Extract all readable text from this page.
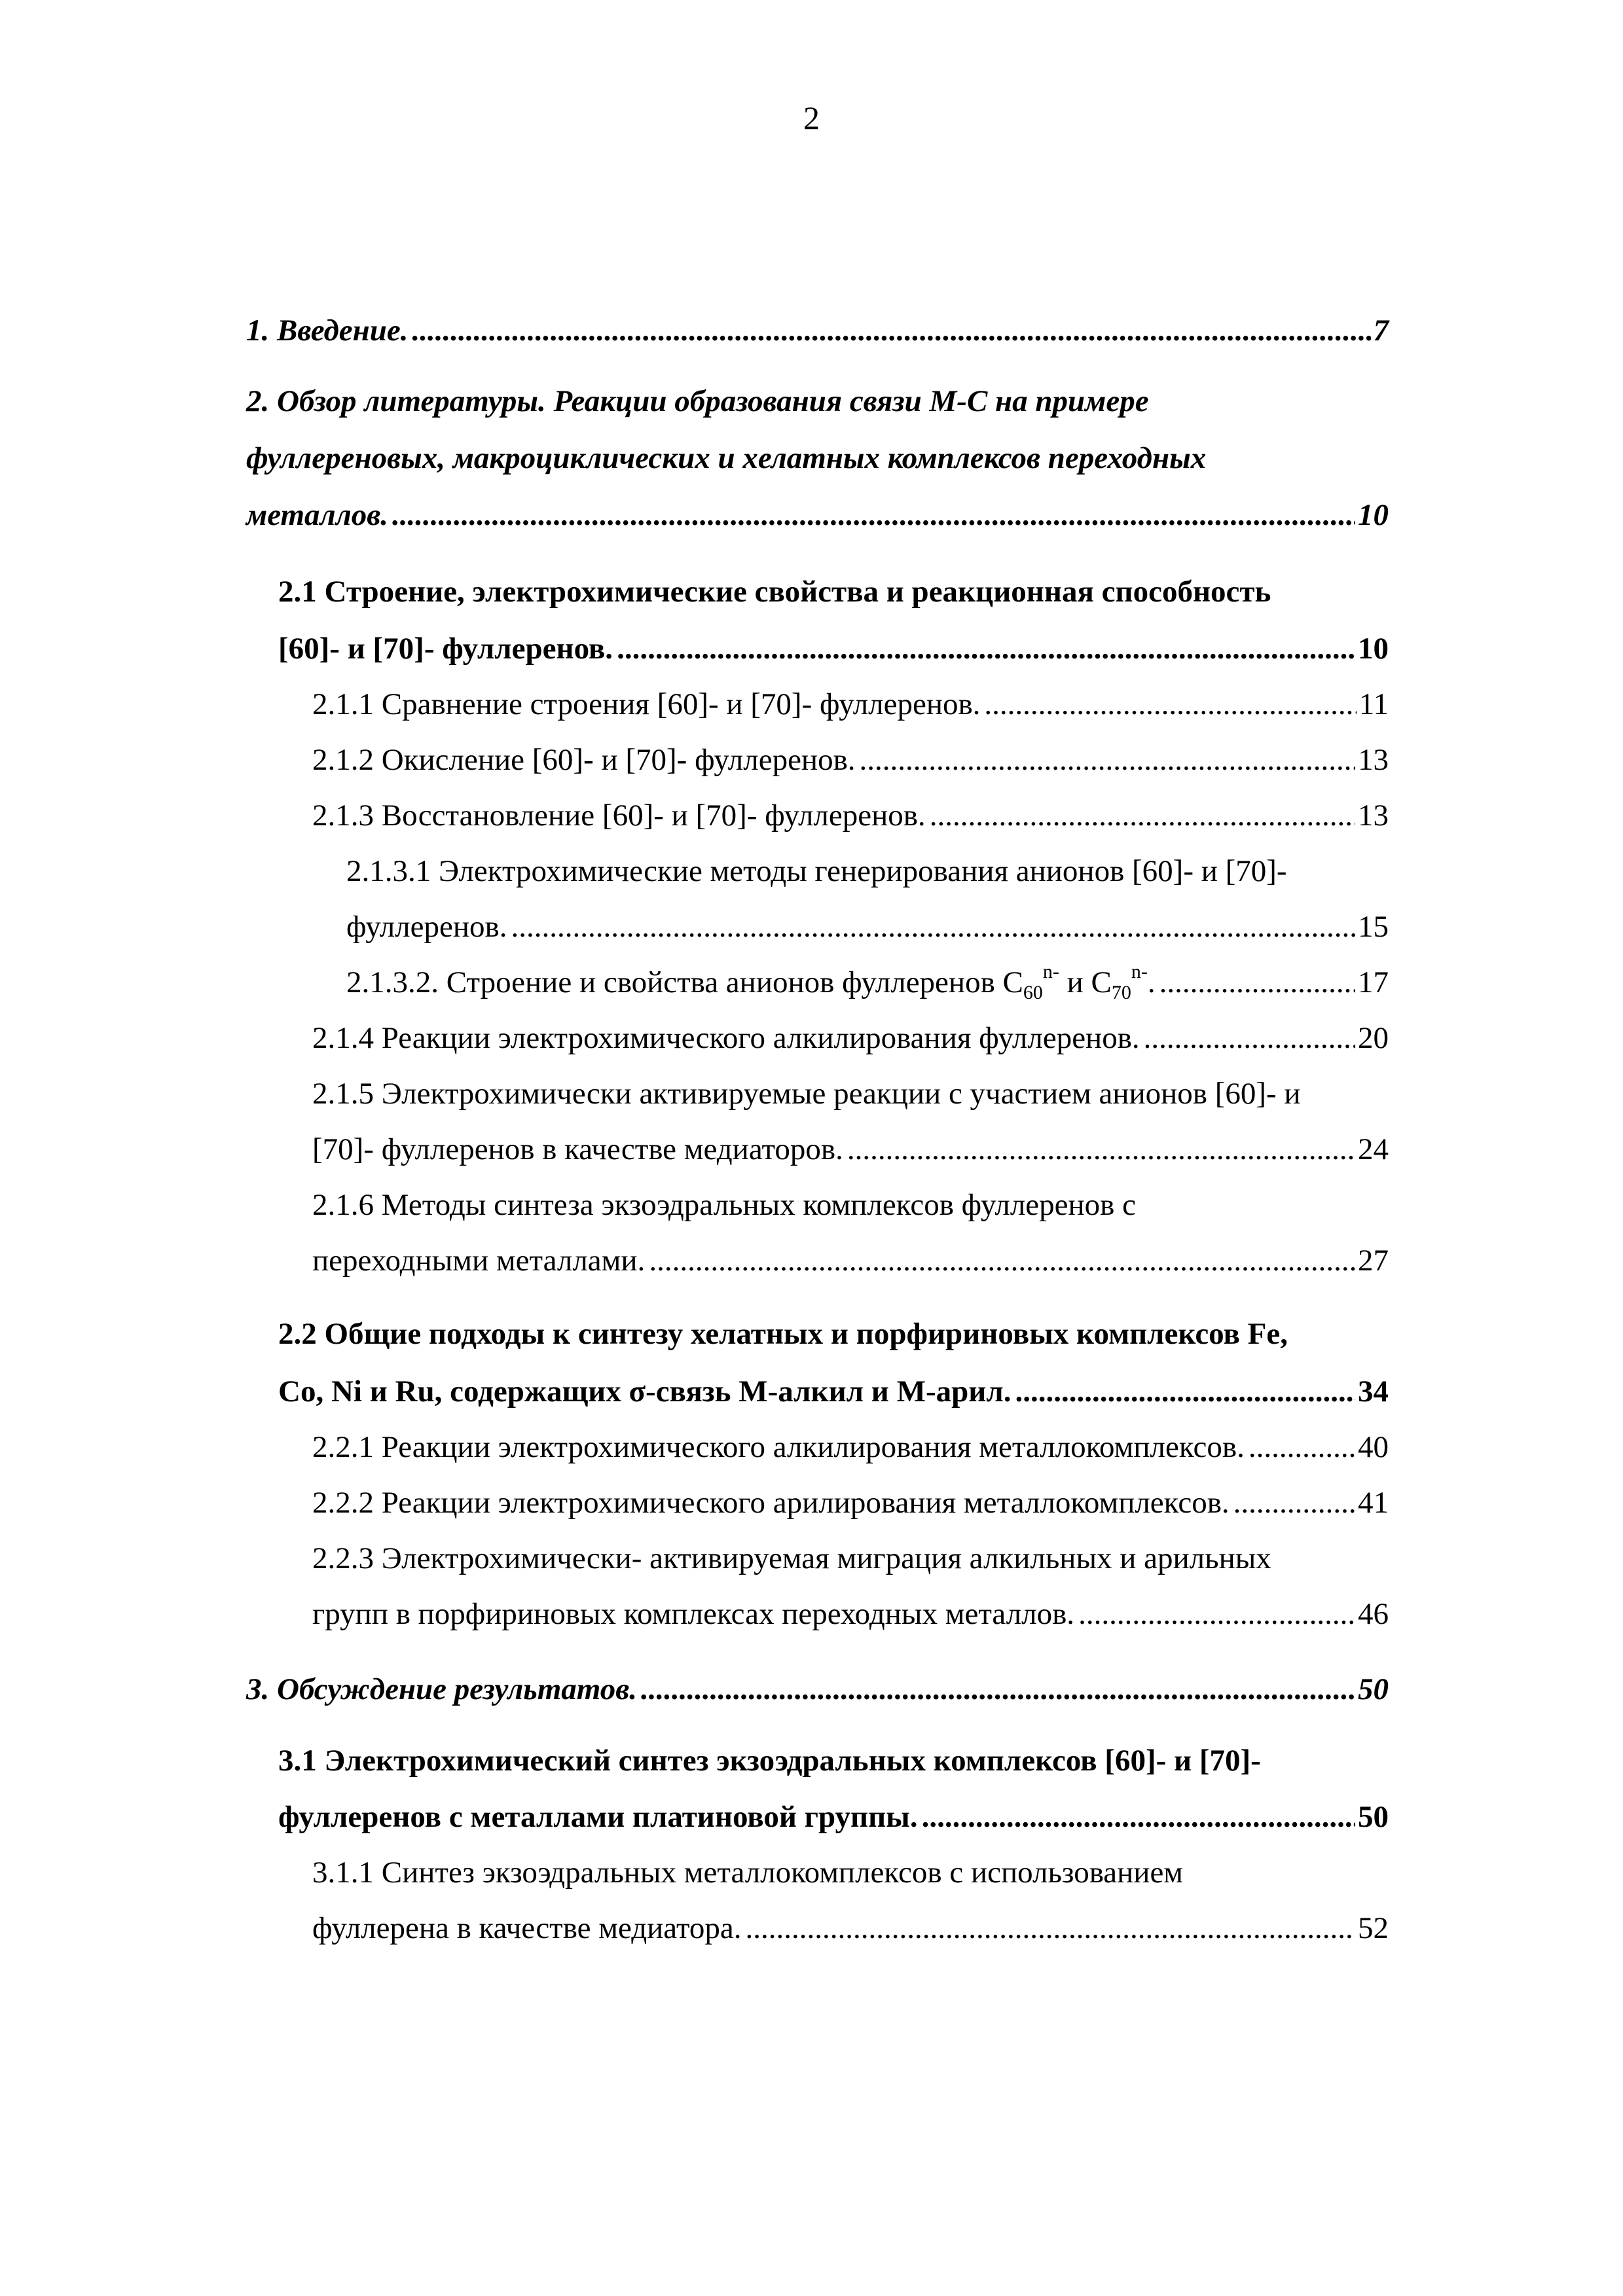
2
1. Введение. .....	7
2. Обзор литературы. Реакции образования связи М-С на примере
фуллереновых, макроциклических и хелатных комплексов переходных
металлов. .....	10
2.1 Строение, электрохимические свойства и реакционная способность
[60]- и [70]- фуллеренов. .....	10
2.1.1 Сравнение строения [60]- и [70]- фуллеренов. .....	11
2.1.2 Окисление [60]- и [70]- фуллеренов. .....	13
2.1.3 Восстановление [60]- и [70]- фуллеренов. .....	13
2.1.3.1 Электрохимические методы генерирования анионов [60]- и [70]-
фуллеренов. .....	15
2.1.3.2. Строение и свойства анионов фуллеренов $С_{60}^{n-}$ и $С_{70}^{n-}$. .....	17
2.1.4 Реакции электрохимического алкилирования фуллеренов. .....	20
2.1.5 Электрохимически активируемые реакции с участием анионов [60]- и
[70]- фуллеренов в качестве медиаторов. .....	24
2.1.6 Методы синтеза экзоэдральных комплексов фуллеренов с
переходными металлами. .....	27
2.2 Общие подходы к синтезу хелатных и порфириновых комплексов Fe,
Co, Ni и Ru, содержащих σ-связь М-алкил и М-арил. .....	34
2.2.1 Реакции электрохимического алкилирования металлокомплексов. .....	40
2.2.2 Реакции электрохимического арилирования металлокомплексов. .....	41
2.2.3 Электрохимически- активируемая миграция алкильных и арильных
групп в порфириновых комплексах переходных металлов. .....	46
3. Обсуждение результатов. .....	50
3.1 Электрохимический синтез экзоэдральных комплексов [60]- и [70]-
фуллеренов с металлами платиновой группы. .....	50
3.1.1 Синтез экзоэдральных металлокомплексов с использованием
фуллерена в качестве медиатора. .....	52
